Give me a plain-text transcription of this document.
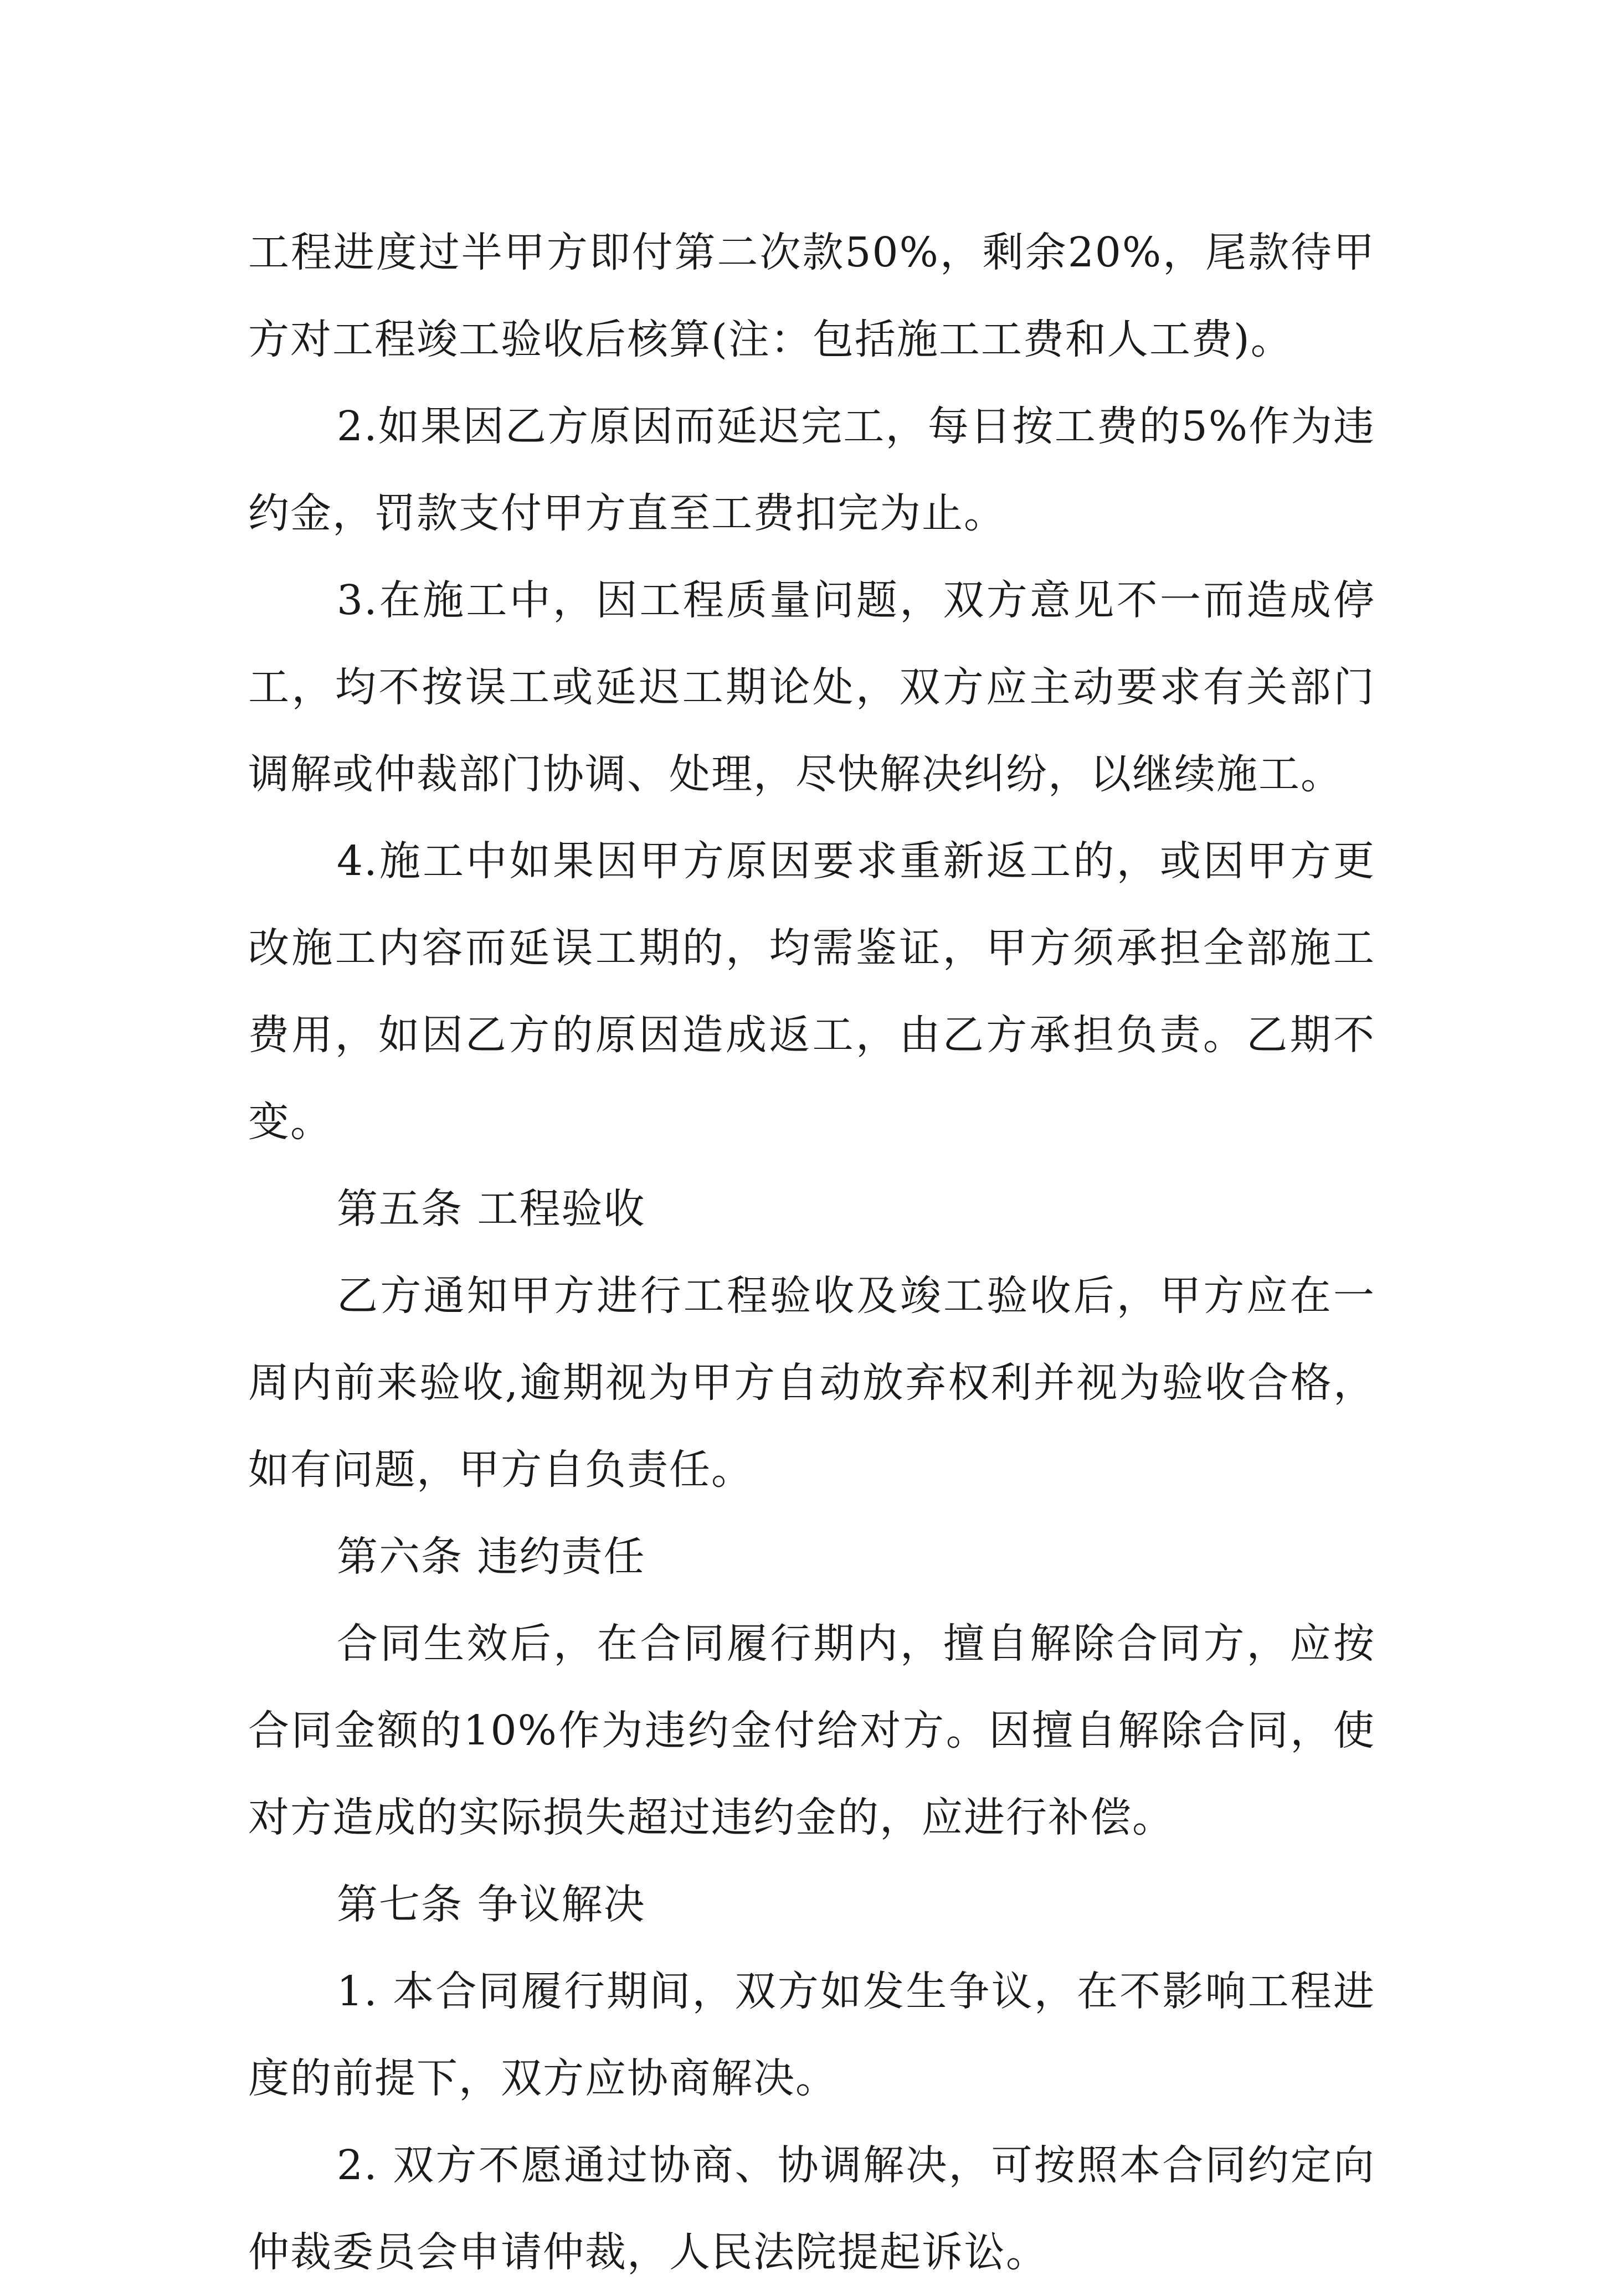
工程进度过半甲方即付第二次款50%，剩余20%，尾款待甲方对工程竣工验收后核算(注：包括施工工费和人工费)。

2.如果因乙方原因而延迟完工，每日按工费的5%作为违约金，罚款支付甲方直至工费扣完为止。

3.在施工中，因工程质量问题，双方意见不一而造成停工，均不按误工或延迟工期论处，双方应主动要求有关部门调解或仲裁部门协调、处理，尽快解决纠纷，以继续施工。

4.施工中如果因甲方原因要求重新返工的，或因甲方更改施工内容而延误工期的，均需鉴证，甲方须承担全部施工费用，如因乙方的原因造成返工，由乙方承担负责。乙期不变。

第五条 工程验收

乙方通知甲方进行工程验收及竣工验收后，甲方应在一周内前来验收,逾期视为甲方自动放弃权利并视为验收合格，如有问题，甲方自负责任。

第六条 违约责任

合同生效后，在合同履行期内，擅自解除合同方，应按合同金额的10%作为违约金付给对方。因擅自解除合同，使对方造成的实际损失超过违约金的，应进行补偿。

第七条 争议解决

1. 本合同履行期间，双方如发生争议，在不影响工程进度的前提下，双方应协商解决。

2. 双方不愿通过协商、协调解决，可按照本合同约定向仲裁委员会申请仲裁，人民法院提起诉讼。
